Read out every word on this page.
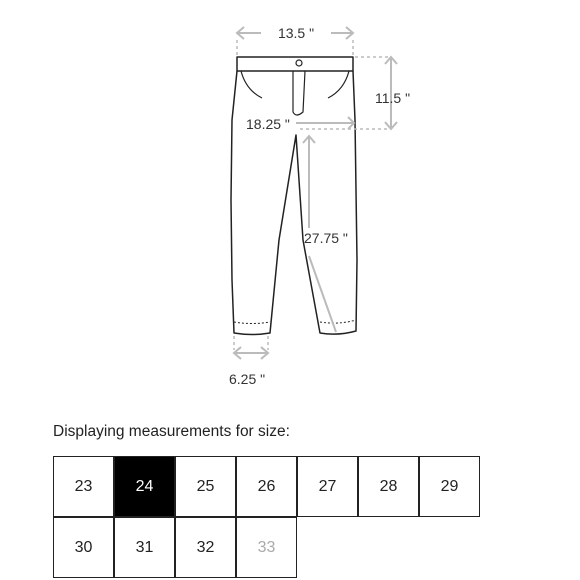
13.5 "
11.5 "
18.25 "
27.75 "
6.25 "
Displaying measurements for size:
23	24	25	26	27	28	29
30	31	32	33
